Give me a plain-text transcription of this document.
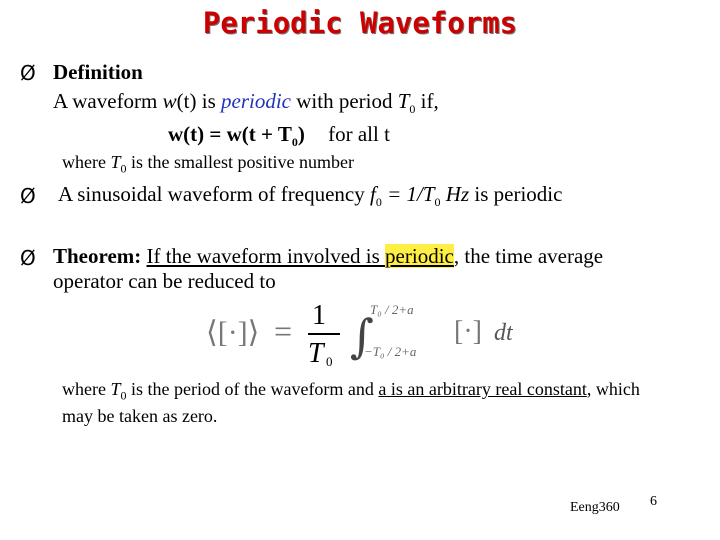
Periodic Waveforms
Ø Definition
A waveform w(t) is periodic with period $T_0$ if,
$w(t) = w(t + T_0)$ for all t
where $T_0$ is the smallest positive number
Ø A sinusoidal waveform of frequency $f_0 = 1/T_0$ Hz is periodic
Ø Theorem: If the waveform involved is periodic, the time average
operator can be reduced to
⟨[·]⟩ = 1
T 0 ∫
T₀ / 2+a
−T₀ / 2+a
[·] dt
where $T_0$ is the period of the waveform and a is an arbitrary real constant, which
may be taken as zero.
Eeng360 6
